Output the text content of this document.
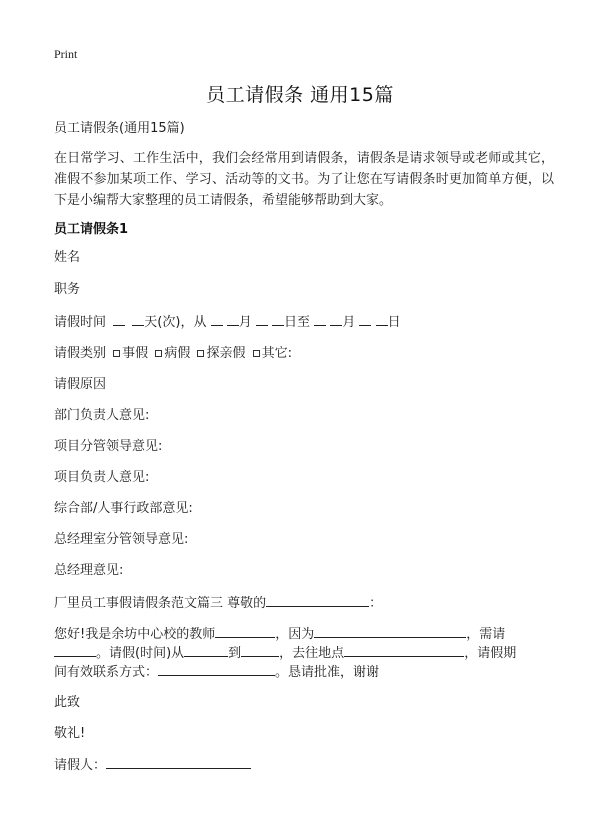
Print
员工请假条 通用15篇
员工请假条(通用15篇)
在日常学习、工作生活中，我们会经常用到请假条，请假条是请求领导或老师或其它，准假不参加某项工作、学习、活动等的文书。为了让您在写请假条时更加简单方便，以下是小编帮大家整理的员工请假条，希望能够帮助到大家。
员工请假条1
姓名
职务
请假时间	天(次)，从 月 日至 月 日
请假类别 事假 病假 探亲假 其它:
请假原因
部门负责人意见:
项目分管领导意见:
项目负责人意见:
综合部/人事行政部意见:
总经理室分管领导意见:
总经理意见:
厂里员工事假请假条范文篇三 尊敬的	：
您好!我是余坊中心校的教师	，因为	，需请
。请假(时间)从	到	，去往地点	，请假期
间有效联系方式：	。恳请批准，谢谢
此致
敬礼!
请假人：
